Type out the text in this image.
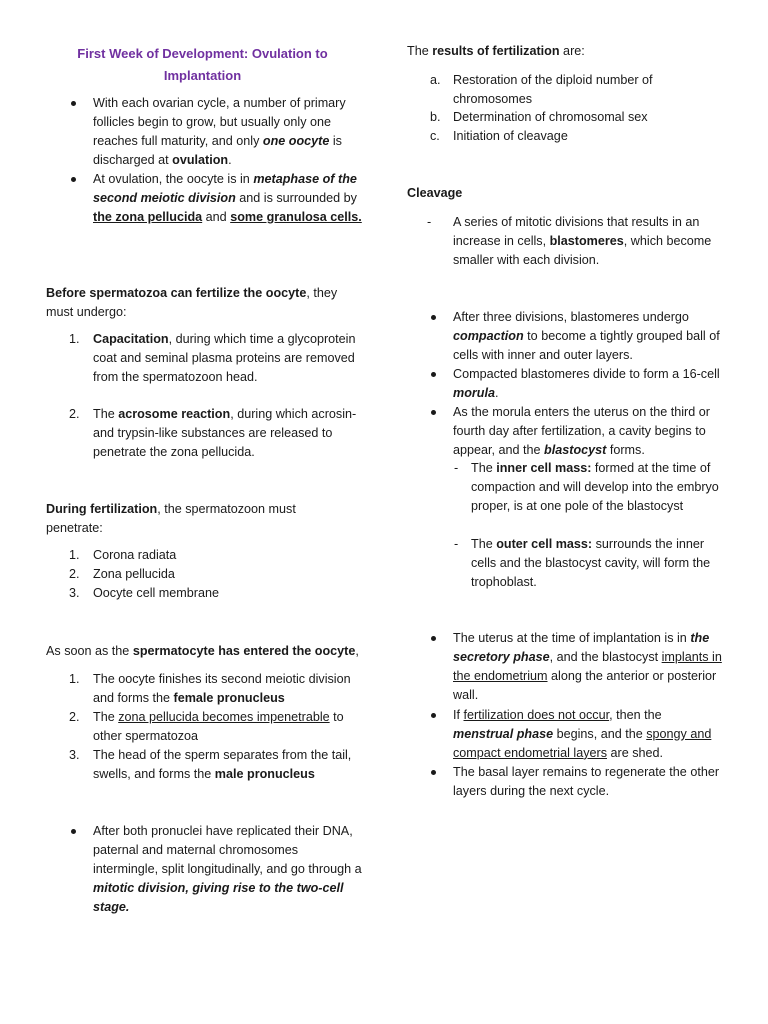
First Week of Development: Ovulation to Implantation
With each ovarian cycle, a number of primary follicles begin to grow, but usually only one reaches full maturity, and only one oocyte is discharged at ovulation.
At ovulation, the oocyte is in metaphase of the second meiotic division and is surrounded by the zona pellucida and some granulosa cells.
Before spermatozoa can fertilize the oocyte, they must undergo:
1. Capacitation, during which time a glycoprotein coat and seminal plasma proteins are removed from the spermatozoon head.
2. The acrosome reaction, during which acrosin- and trypsin-like substances are released to penetrate the zona pellucida.
During fertilization, the spermatozoon must penetrate:
1. Corona radiata
2. Zona pellucida
3. Oocyte cell membrane
As soon as the spermatocyte has entered the oocyte,
1. The oocyte finishes its second meiotic division and forms the female pronucleus
2. The zona pellucida becomes impenetrable to other spermatozoa
3. The head of the sperm separates from the tail, swells, and forms the male pronucleus
After both pronuclei have replicated their DNA, paternal and maternal chromosomes intermingle, split longitudinally, and go through a mitotic division, giving rise to the two-cell stage.
The results of fertilization are:
a. Restoration of the diploid number of chromosomes
b. Determination of chromosomal sex
c. Initiation of cleavage
Cleavage
- A series of mitotic divisions that results in an increase in cells, blastomeres, which become smaller with each division.
After three divisions, blastomeres undergo compaction to become a tightly grouped ball of cells with inner and outer layers.
Compacted blastomeres divide to form a 16-cell morula.
As the morula enters the uterus on the third or fourth day after fertilization, a cavity begins to appear, and the blastocyst forms.
- The inner cell mass: formed at the time of compaction and will develop into the embryo proper, is at one pole of the blastocyst
- The outer cell mass: surrounds the inner cells and the blastocyst cavity, will form the trophoblast.
The uterus at the time of implantation is in the secretory phase, and the blastocyst implants in the endometrium along the anterior or posterior wall.
If fertilization does not occur, then the menstrual phase begins, and the spongy and compact endometrial layers are shed.
The basal layer remains to regenerate the other layers during the next cycle.
